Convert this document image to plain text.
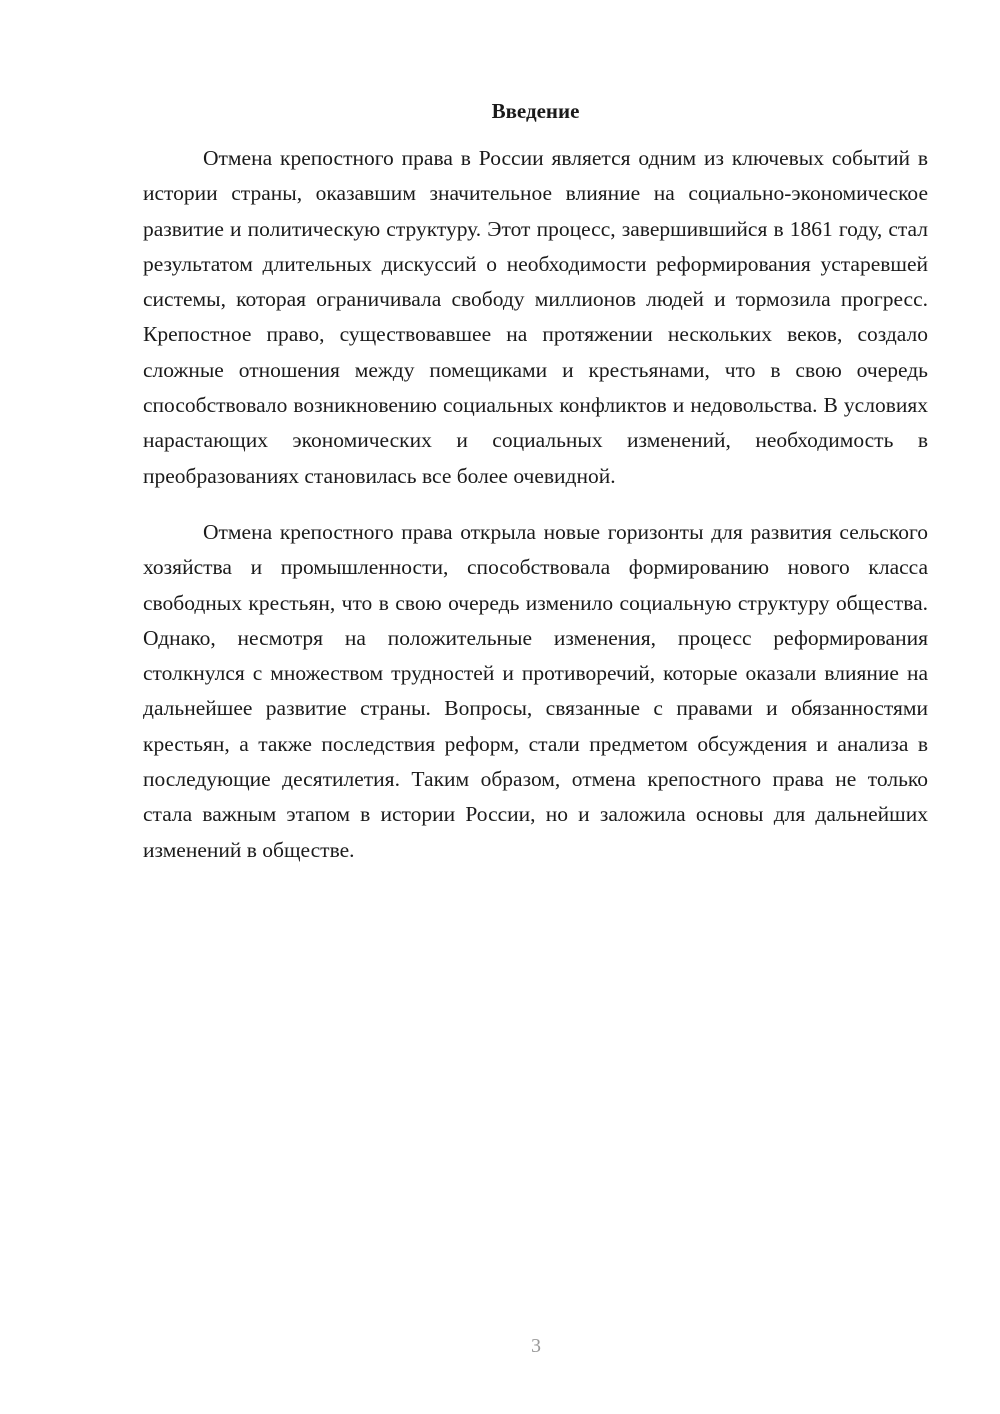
Введение

Отмена крепостного права в России является одним из ключевых событий в истории страны, оказавшим значительное влияние на социально-экономическое развитие и политическую структуру. Этот процесс, завершившийся в 1861 году, стал результатом длительных дискуссий о необходимости реформирования устаревшей системы, которая ограничивала свободу миллионов людей и тормозила прогресс. Крепостное право, существовавшее на протяжении нескольких веков, создало сложные отношения между помещиками и крестьянами, что в свою очередь способствовало возникновению социальных конфликтов и недовольства. В условиях нарастающих экономических и социальных изменений, необходимость в преобразованиях становилась все более очевидной.

Отмена крепостного права открыла новые горизонты для развития сельского хозяйства и промышленности, способствовала формированию нового класса свободных крестьян, что в свою очередь изменило социальную структуру общества. Однако, несмотря на положительные изменения, процесс реформирования столкнулся с множеством трудностей и противоречий, которые оказали влияние на дальнейшее развитие страны. Вопросы, связанные с правами и обязанностями крестьян, а также последствия реформ, стали предметом обсуждения и анализа в последующие десятилетия. Таким образом, отмена крепостного права не только стала важным этапом в истории России, но и заложила основы для дальнейших изменений в обществе.

3
